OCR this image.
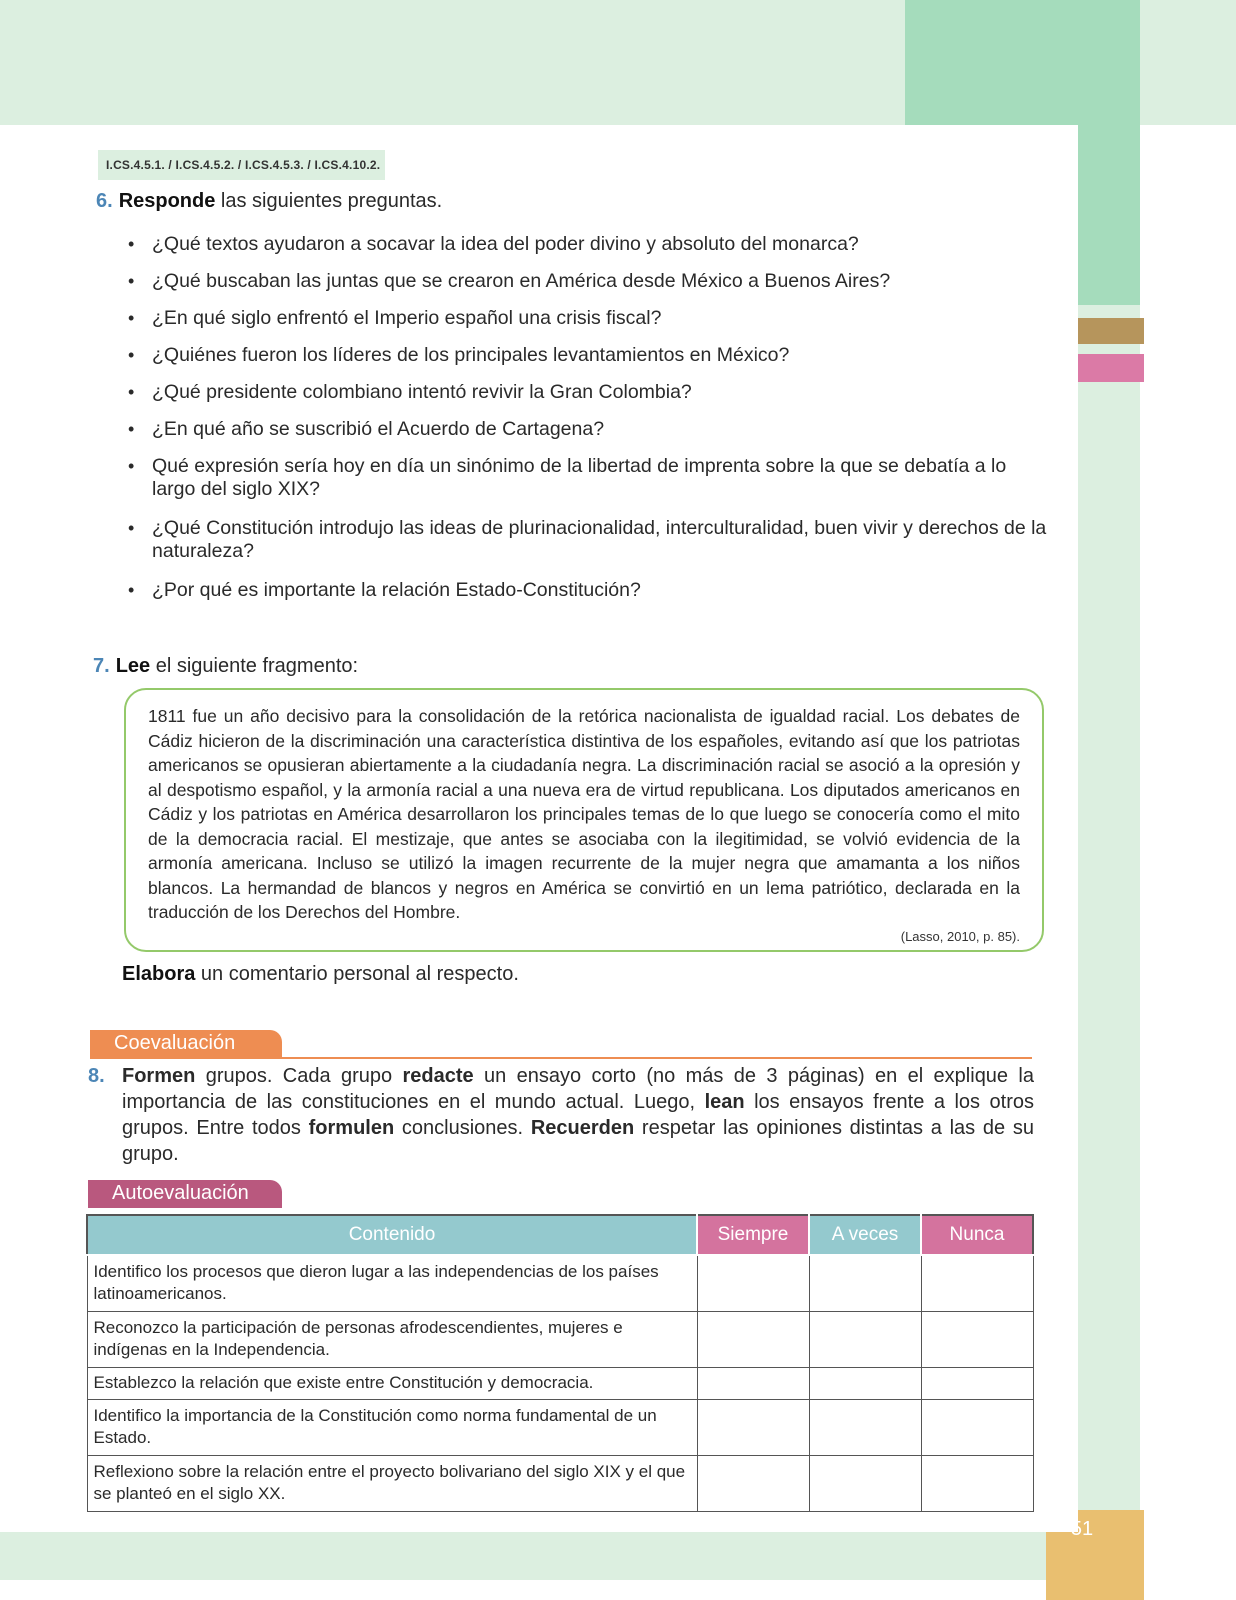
51
I.CS.4.5.1. / I.CS.4.5.2. / I.CS.4.5.3. / I.CS.4.10.2.
6. Responde las siguientes preguntas.
• ¿Qué textos ayudaron a socavar la idea del poder divino y absoluto del monarca?
• ¿Qué buscaban las juntas que se crearon en América desde México a Buenos Aires?
• ¿En qué siglo enfrentó el Imperio español una crisis fiscal?
• ¿Quiénes fueron los líderes de los principales levantamientos en México?
• ¿Qué presidente colombiano intentó revivir la Gran Colombia?
• ¿En qué año se suscribió el Acuerdo de Cartagena?
• Qué expresión sería hoy en día un sinónimo de la libertad de imprenta sobre la que se debatía a lo largo del siglo XIX?
• ¿Qué Constitución introdujo las ideas de plurinacionalidad, interculturalidad, buen vivir y derechos de la naturaleza?
• ¿Por qué es importante la relación Estado-Constitución?
7. Lee el siguiente fragmento:

1811 fue un año decisivo para la consolidación de la retórica nacionalista de igualdad racial. Los debates de Cádiz hicieron de la discriminación una característica distintiva de los españoles, evitando así que los patriotas americanos se opusieran abiertamente a la ciudadanía negra. La discriminación racial se asoció a la opresión y al despotismo español, y la armonía racial a una nueva era de virtud republicana. Los diputados americanos en Cádiz y los patriotas en América desarrollaron los principales temas de lo que luego se conocería como el mito de la democracia racial. El mestizaje, que antes se asociaba con la ilegitimidad, se volvió evidencia de la armonía americana. Incluso se utilizó la imagen recurrente de la mujer negra que amamanta a los niños blancos. La hermandad de blancos y negros en América se convirtió en un lema patriótico, declarada en la traducción de los Derechos del Hombre.

(Lasso, 2010, p. 85).

Elabora un comentario personal al respecto.
Coevaluación
8. Formen grupos. Cada grupo redacte un ensayo corto (no más de 3 páginas) en el explique la importancia de las constituciones en el mundo actual. Luego, lean los ensayos frente a los otros grupos. Entre todos formulen conclusiones. Recuerden respetar las opiniones distintas a las de su grupo.
Autoevaluación
Contenido	Siempre	A veces	Nunca
Identifico los procesos que dieron lugar a las independencias de los países latinoamericanos.			
Reconozco la participación de personas afrodescendientes, mujeres e indígenas en la Independencia.			
Establezco la relación que existe entre Constitución y democracia.			
Identifico la importancia de la Constitución como norma fundamental de un Estado.			
Reflexiono sobre la relación entre el proyecto bolivariano del siglo XIX y el que se planteó en el siglo XX.			
